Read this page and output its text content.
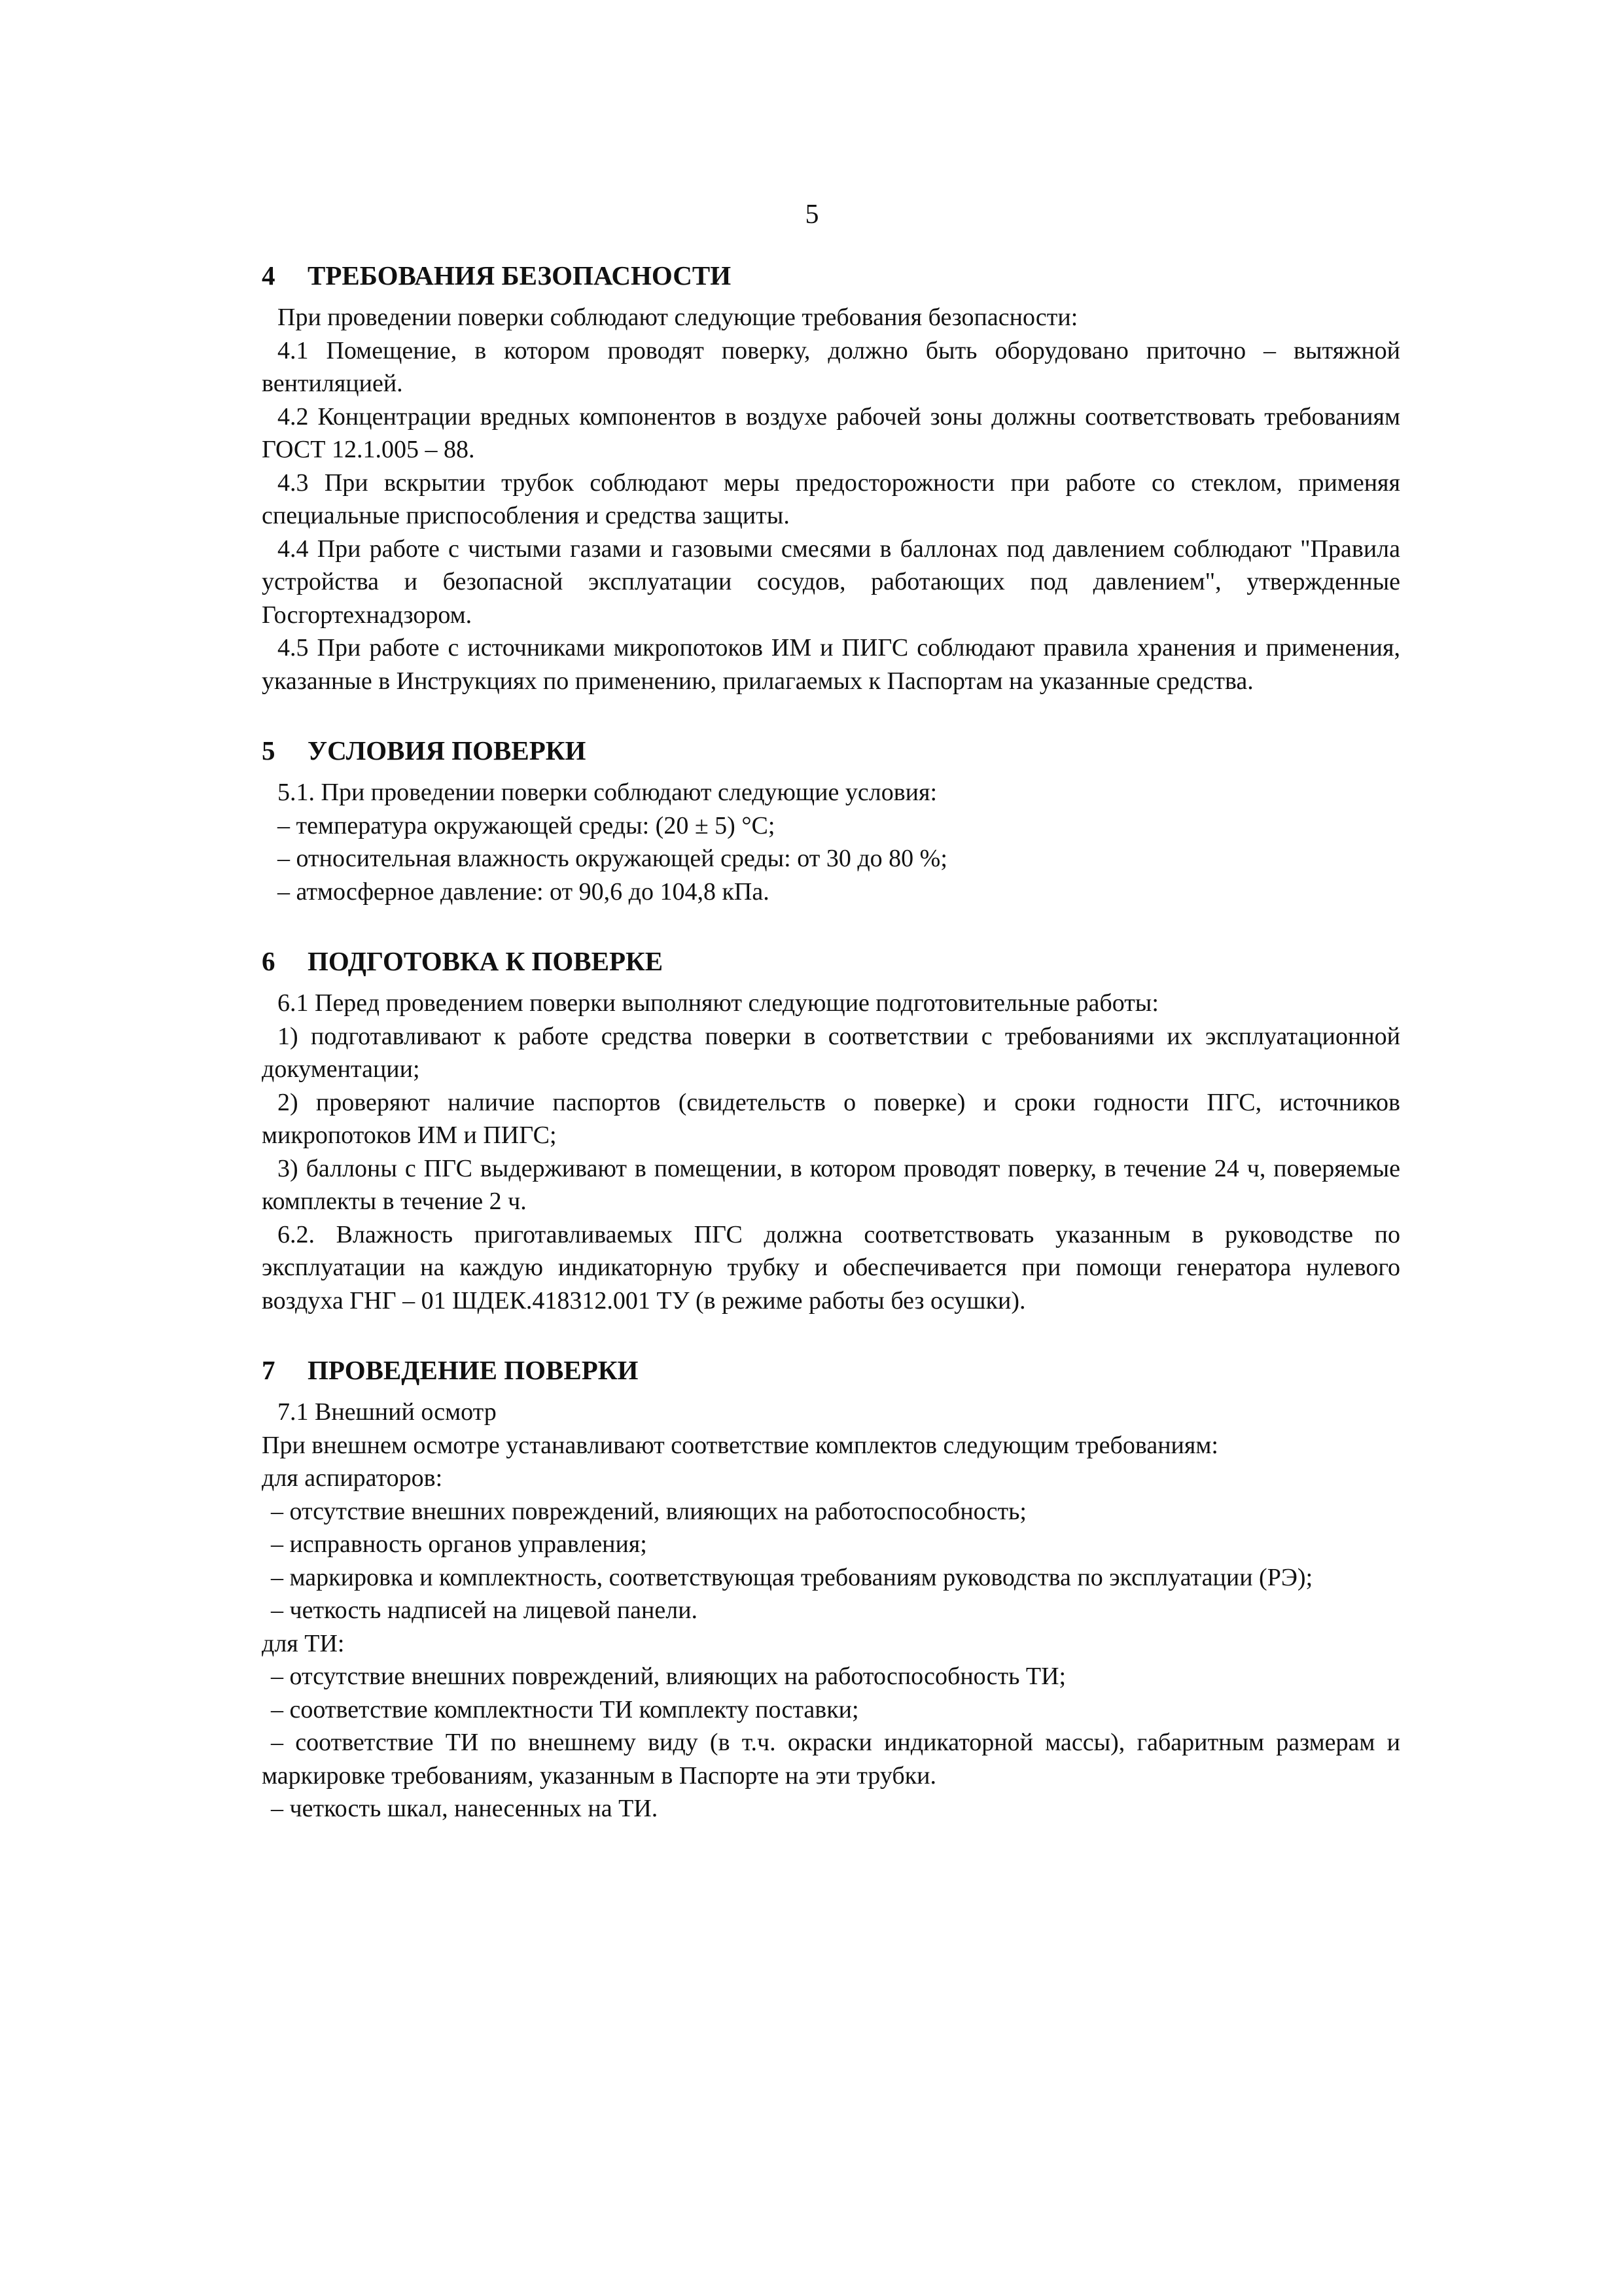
5
4	ТРЕБОВАНИЯ БЕЗОПАСНОСТИ

При проведении поверки соблюдают следующие требования безопасности:

4.1 Помещение, в котором проводят поверку, должно быть оборудовано приточно – вытяжной вентиляцией.

4.2 Концентрации вредных компонентов в воздухе рабочей зоны должны соответствовать требованиям ГОСТ 12.1.005 – 88.

4.3 При вскрытии трубок соблюдают меры предосторожности при работе со стеклом, применяя специальные приспособления и средства защиты.

4.4 При работе с чистыми газами и газовыми смесями в баллонах под давлением соблюдают "Правила устройства и безопасной эксплуатации сосудов, работающих под давлением", утвержденные Госгортехнадзором.

4.5 При работе с источниками микропотоков ИМ и ПИГС соблюдают правила хранения и применения, указанные в Инструкциях по применению, прилагаемых к Паспортам на указанные средства.

5	УСЛОВИЯ ПОВЕРКИ

5.1. При проведении поверки соблюдают следующие условия:

– температура окружающей среды: (20 ± 5) °С;

– относительная влажность окружающей среды: от 30 до 80 %;

– атмосферное давление: от 90,6 до 104,8 кПа.

6	ПОДГОТОВКА К ПОВЕРКЕ

6.1 Перед проведением поверки выполняют следующие подготовительные работы:

1) подготавливают к работе средства поверки в соответствии с требованиями их эксплуатационной документации;

2) проверяют наличие паспортов (свидетельств о поверке) и сроки годности ПГС, источников микропотоков ИМ и ПИГС;

3) баллоны с ПГС выдерживают в помещении, в котором проводят поверку, в течение 24 ч, поверяемые комплекты в течение 2 ч.

6.2. Влажность приготавливаемых ПГС должна соответствовать указанным в руководстве по эксплуатации на каждую индикаторную трубку и обеспечивается при помощи генератора нулевого воздуха ГНГ – 01 ШДЕК.418312.001 ТУ (в режиме работы без осушки).

7	ПРОВЕДЕНИЕ ПОВЕРКИ

7.1 Внешний осмотр

При внешнем осмотре устанавливают соответствие комплектов следующим требованиям:

для аспираторов:

– отсутствие внешних повреждений, влияющих на работоспособность;

– исправность органов управления;

– маркировка и комплектность, соответствующая требованиям руководства по эксплуатации (РЭ);

– четкость надписей на лицевой панели.

для ТИ:

– отсутствие внешних повреждений, влияющих на работоспособность ТИ;

– соответствие комплектности ТИ комплекту поставки;

– соответствие ТИ по внешнему виду (в т.ч. окраски индикаторной массы), габаритным размерам и маркировке требованиям, указанным в Паспорте на эти трубки.

– четкость шкал, нанесенных на ТИ.
